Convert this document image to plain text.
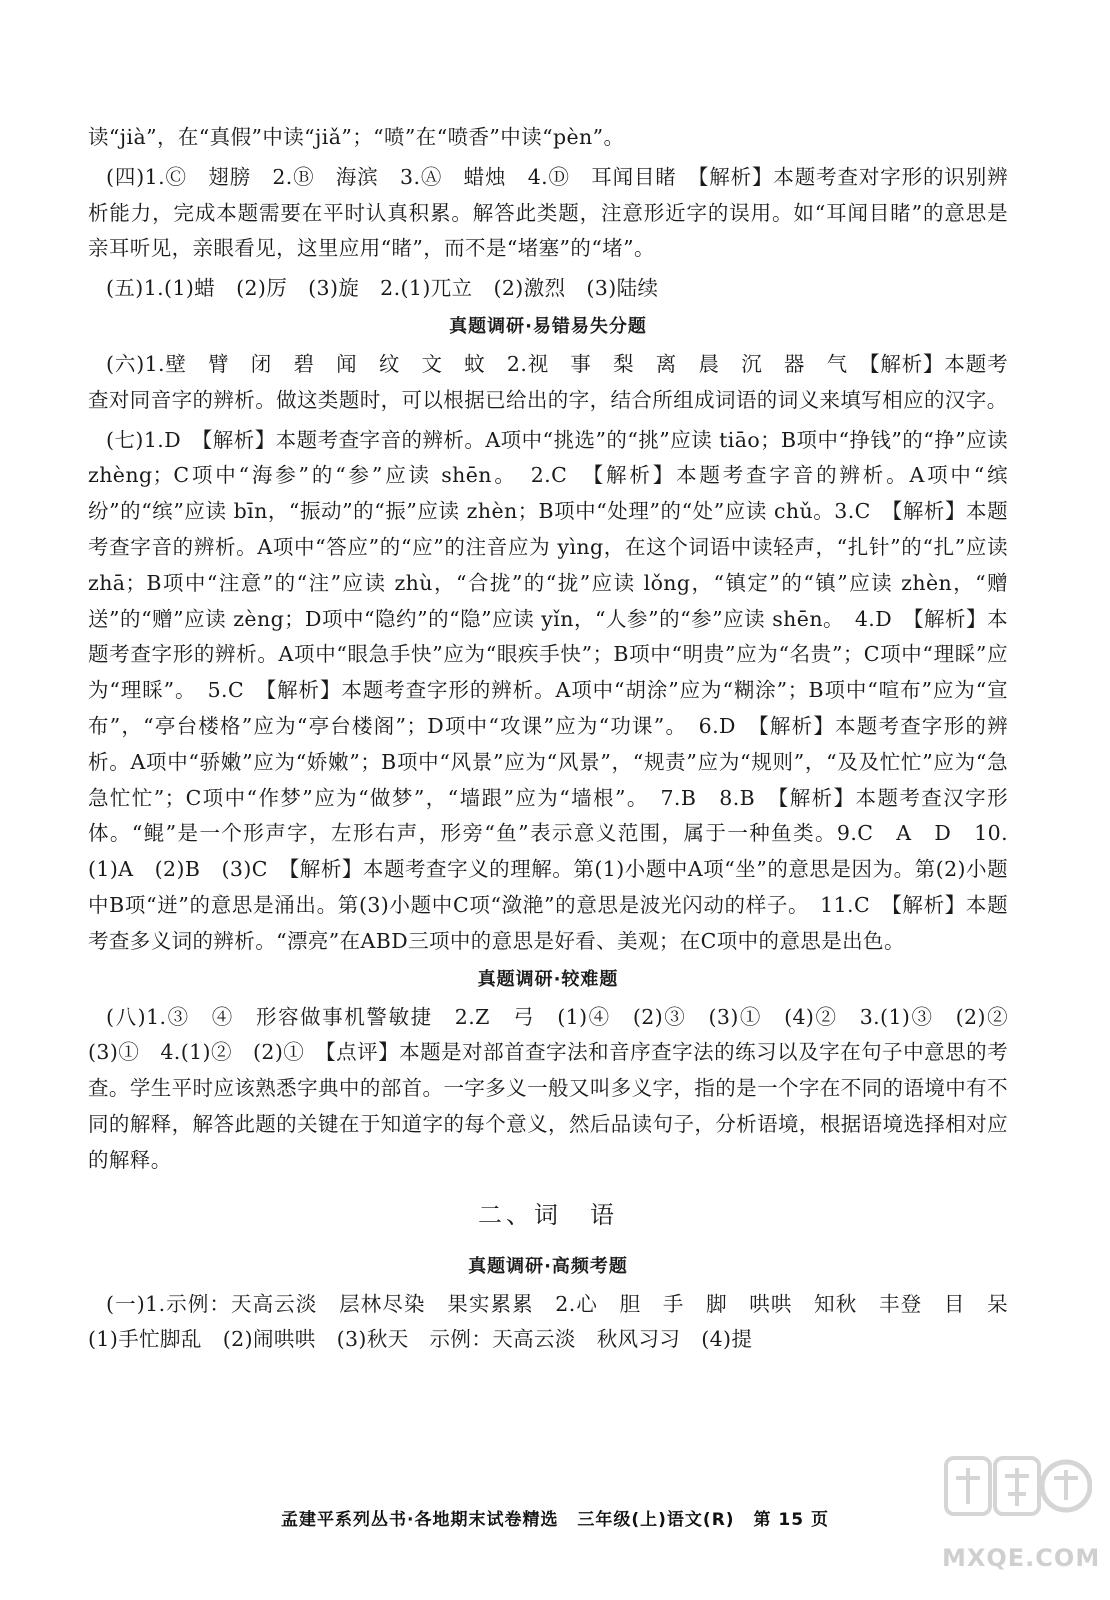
读“jià”，在“真假”中读“jiǎ”；“喷”在“喷香”中读“pèn”。

(四)1.Ⓒ　翅膀　2.Ⓑ　海滨　3.Ⓐ　蜡烛　4.Ⓓ　耳闻目睹　【解析】本题考查对字形的识别辨析能力，完成本题需要在平时认真积累。解答此类题，注意形近字的误用。如“耳闻目睹”的意思是亲耳听见，亲眼看见，这里应用“睹”，而不是“堵塞”的“堵”。

(五)1.(1)蜡　(2)厉　(3)旋　2.(1)兀立　(2)激烈　(3)陆续

真题调研·易错易失分题

(六)1.壁　臂　闭　碧　闻　纹　文　蚊　2.视　事　梨　离　晨　沉　器　气　【解析】本题考查对同音字的辨析。做这类题时，可以根据已给出的字，结合所组成词语的词义来填写相应的汉字。

(七)1.D　【解析】本题考查字音的辨析。A项中“挑选”的“挑”应读 tiāo；B项中“挣钱”的“挣”应读 zhèng；C项中“海参”的“参”应读 shēn。　2.C　【解析】本题考查字音的辨析。A项中“缤纷”的“缤”应读 bīn，“振动”的“振”应读 zhèn；B项中“处理”的“处”应读 chǔ。3.C　【解析】本题考查字音的辨析。A项中“答应”的“应”的注音应为 yìng，在这个词语中读轻声，“扎针”的“扎”应读 zhā；B项中“注意”的“注”应读 zhù，“合拢”的“拢”应读 lǒng，“镇定”的“镇”应读 zhèn，“赠送”的“赠”应读 zèng；D项中“隐约”的“隐”应读 yǐn，“人参”的“参”应读 shēn。　4.D　【解析】本题考查字形的辨析。A项中“眼急手快”应为“眼疾手快”；B项中“明贵”应为“名贵”；C项中“理睬”应为“理睬”。　5.C　【解析】本题考查字形的辨析。A项中“胡涂”应为“糊涂”；B项中“喧布”应为“宣布”，“亭台楼格”应为“亭台楼阁”；D项中“攻课”应为“功课”。　6.D　【解析】本题考查字形的辨析。A项中“骄嫩”应为“娇嫩”；B项中“风景”应为“风景”，“规责”应为“规则”，“及及忙忙”应为“急急忙忙”；C项中“作梦”应为“做梦”，“墙跟”应为“墙根”。　7.B　8.B　【解析】本题考查汉字形体。“鲲”是一个形声字，左形右声，形旁“鱼”表示意义范围，属于一种鱼类。9.C　A　D　10.(1)A　(2)B　(3)C　【解析】本题考查字义的理解。第(1)小题中A项“坐”的意思是因为。第(2)小题中B项“迸”的意思是涌出。第(3)小题中C项“潋滟”的意思是波光闪动的样子。　11.C　【解析】本题考查多义词的辨析。“漂亮”在ABD三项中的意思是好看、美观；在C项中的意思是出色。

真题调研·较难题

(八)1.③　④　形容做事机警敏捷　2.Z　弓　(1)④　(2)③　(3)①　(4)②　3.(1)③　(2)②　(3)①　4.(1)②　(2)①　【点评】本题是对部首查字法和音序查字法的练习以及字在句子中意思的考查。学生平时应该熟悉字典中的部首。一字多义一般又叫多义字，指的是一个字在不同的语境中有不同的解释，解答此题的关键在于知道字的每个意义，然后品读句子，分析语境，根据语境选择相对应的解释。

二、词　语
真题调研·高频考题

(一)1.示例：天高云淡　层林尽染　果实累累　2.心　胆　手　脚　哄哄　知秋　丰登　目　呆　(1)手忙脚乱　(2)闹哄哄　(3)秋天　示例：天高云淡　秋风习习　(4)提

孟建平系列丛书·各地期末试卷精选 三年级(上)语文(R) 第 15 页
MXQE.COM
